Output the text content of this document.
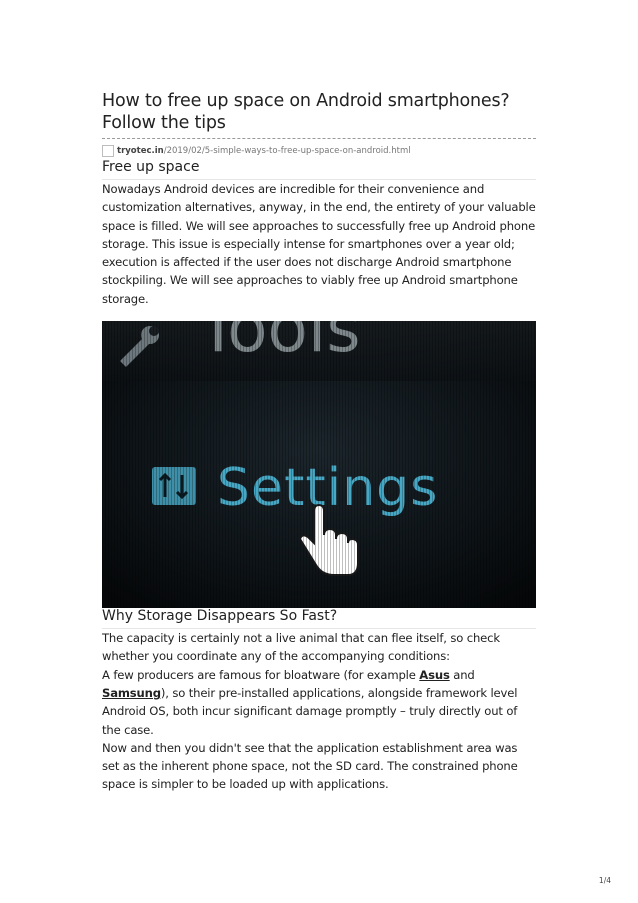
How to free up space on Android smartphones? Follow the tips
tryotec.in /2019/02/5-simple-ways-to-free-up-space-on-android.html
Free up space

Nowadays Android devices are incredible for their convenience and customization alternatives, anyway, in the end, the entirety of your valuable space is filled. We will see approaches to successfully free up Android phone storage. This issue is especially intense for smartphones over a year old; execution is affected if the user does not discharge Android smartphone stockpiling. We will see approaches to viably free up Android smartphone storage.

Why Storage Disappears So Fast?

The capacity is certainly not a live animal that can flee itself, so check whether you coordinate any of the accompanying conditions:

A few producers are famous for bloatware (for example Asus and Samsung), so their pre-installed applications, alongside framework level Android OS, both incur significant damage promptly – truly directly out of the case.

Now and then you didn't see that the application establishment area was set as the inherent phone space, not the SD card. The constrained phone space is simpler to be loaded up with applications.

1/4
